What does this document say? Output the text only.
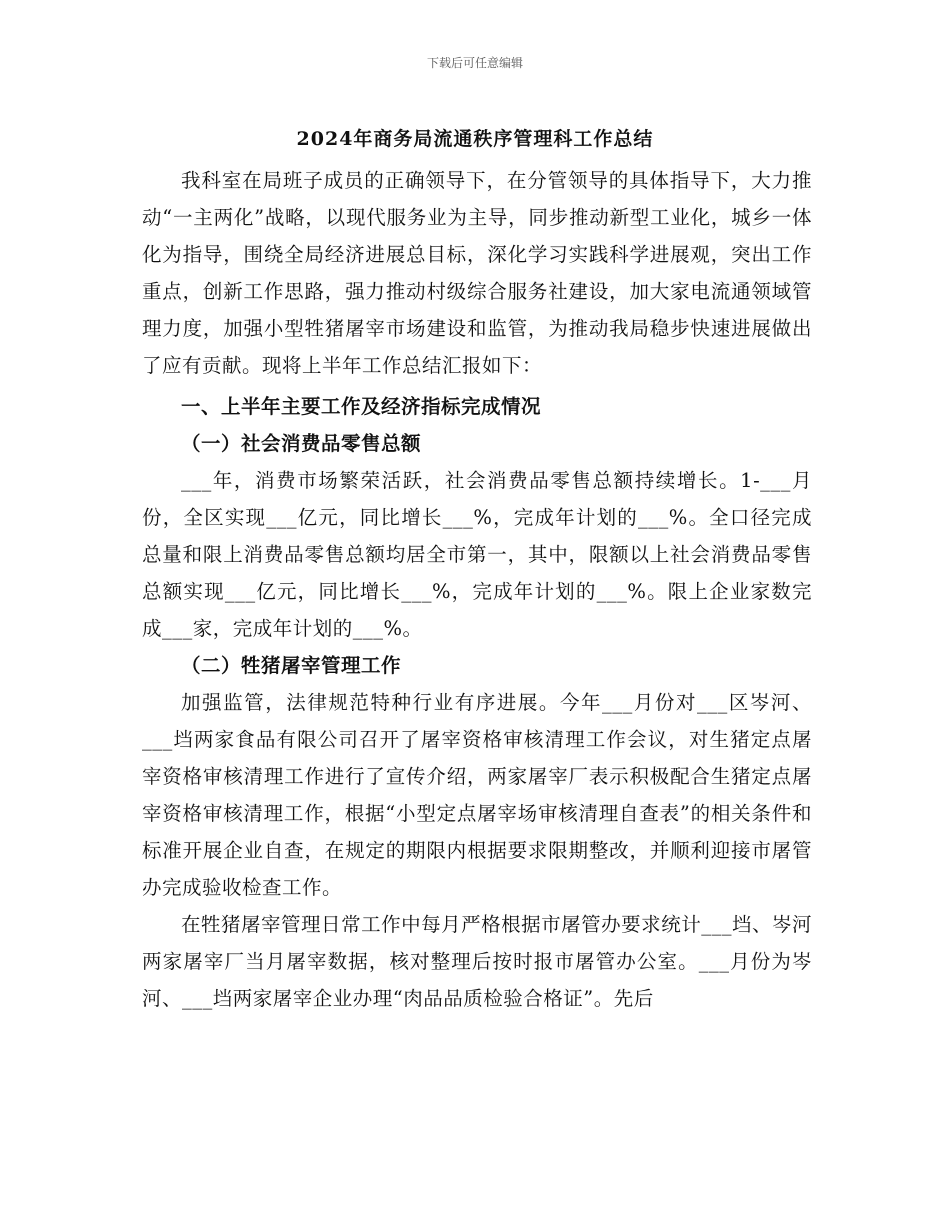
下载后可任意编辑
2024年商务局流通秩序管理科工作总结

我科室在局班子成员的正确领导下，在分管领导的具体指导下，大力推动“一主两化”战略，以现代服务业为主导，同步推动新型工业化，城乡一体化为指导，围绕全局经济进展总目标，深化学习实践科学进展观，突出工作重点，创新工作思路，强力推动村级综合服务社建设，加大家电流通领域管理力度，加强小型牲猪屠宰市场建设和监管，为推动我局稳步快速进展做出了应有贡献。现将上半年工作总结汇报如下：

一、上半年主要工作及经济指标完成情况

（一）社会消费品零售总额

___年，消费市场繁荣活跃，社会消费品零售总额持续增长。1-___月份，全区实现___亿元，同比增长___%，完成年计划的___%。全口径完成总量和限上消费品零售总额均居全市第一，其中，限额以上社会消费品零售总额实现___亿元，同比增长___%，完成年计划的___%。限上企业家数完成___家，完成年计划的___%。

（二）牲猪屠宰管理工作

加强监管，法律规范特种行业有序进展。今年___月份对___区岑河、___垱两家食品有限公司召开了屠宰资格审核清理工作会议，对生猪定点屠宰资格审核清理工作进行了宣传介绍，两家屠宰厂表示积极配合生猪定点屠宰资格审核清理工作，根据“小型定点屠宰场审核清理自查表”的相关条件和标准开展企业自查，在规定的期限内根据要求限期整改，并顺利迎接市屠管办完成验收检查工作。

在牲猪屠宰管理日常工作中每月严格根据市屠管办要求统计___垱、岑河两家屠宰厂当月屠宰数据，核对整理后按时报市屠管办公室。___月份为岑河、___垱两家屠宰企业办理“肉品品质检验合格证”。先后
